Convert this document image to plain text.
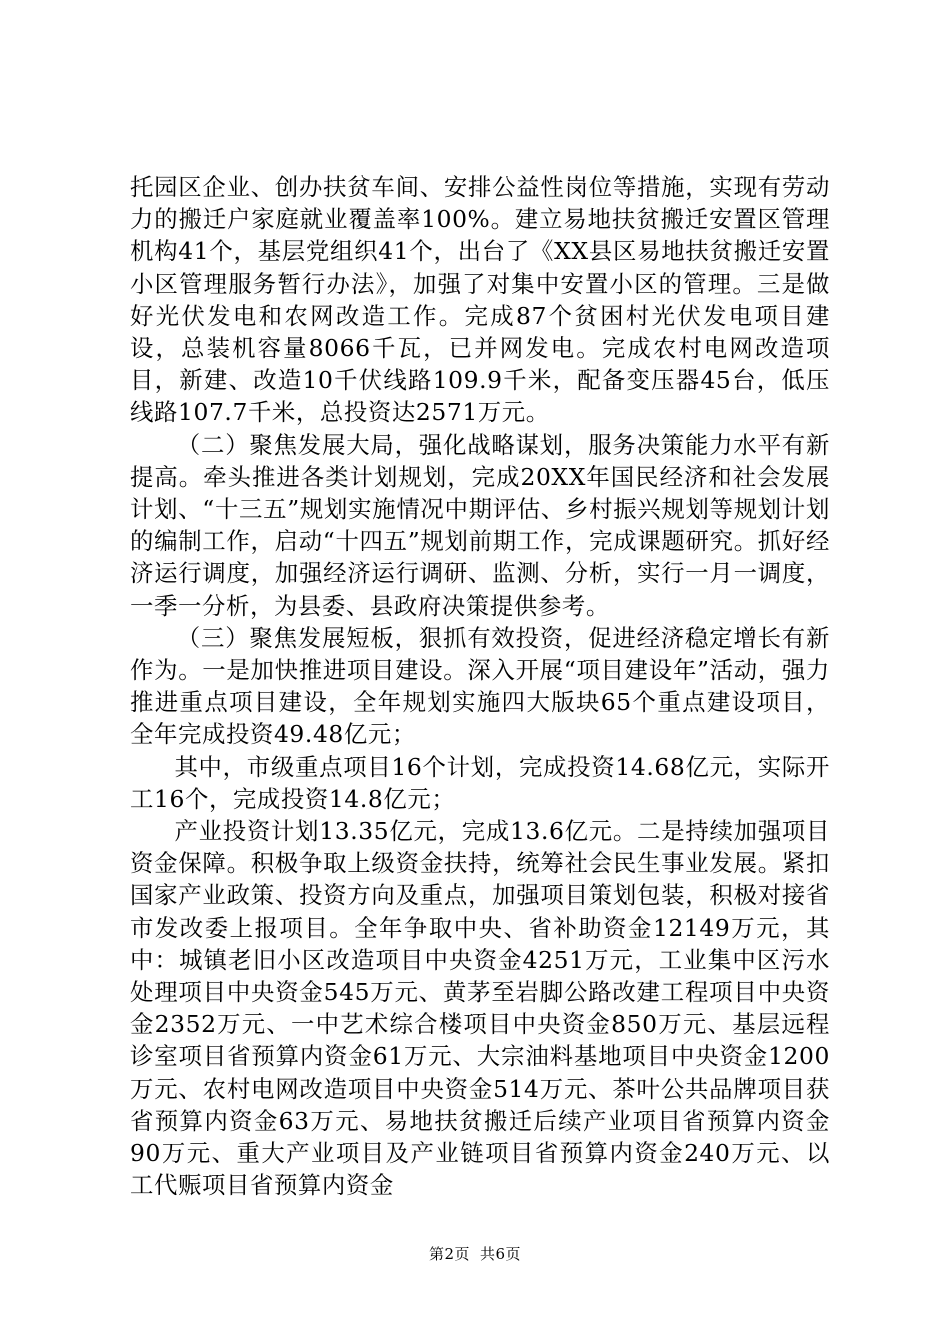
托园区企业、创办扶贫车间、安排公益性岗位等措施，实现有劳动力的搬迁户家庭就业覆盖率100%。建立易地扶贫搬迁安置区管理机构41个，基层党组织41个，出台了《XX县区易地扶贫搬迁安置小区管理服务暂行办法》，加强了对集中安置小区的管理。三是做好光伏发电和农网改造工作。完成87个贫困村光伏发电项目建设，总装机容量8066千瓦，已并网发电。完成农村电网改造项目，新建、改造10千伏线路109.9千米，配备变压器45台，低压线路107.7千米，总投资达2571万元。

（二）聚焦发展大局，强化战略谋划，服务决策能力水平有新提高。牵头推进各类计划规划，完成20XX年国民经济和社会发展计划、“十三五”规划实施情况中期评估、乡村振兴规划等规划计划的编制工作，启动“十四五”规划前期工作，完成课题研究。抓好经济运行调度，加强经济运行调研、监测、分析，实行一月一调度，一季一分析，为县委、县政府决策提供参考。

（三）聚焦发展短板，狠抓有效投资，促进经济稳定增长有新作为。一是加快推进项目建设。深入开展“项目建设年”活动，强力推进重点项目建设，全年规划实施四大版块65个重点建设项目，全年完成投资49.48亿元；

其中，市级重点项目16个计划，完成投资14.68亿元，实际开工16个，完成投资14.8亿元；

产业投资计划13.35亿元，完成13.6亿元。二是持续加强项目资金保障。积极争取上级资金扶持，统筹社会民生事业发展。紧扣国家产业政策、投资方向及重点，加强项目策划包装，积极对接省市发改委上报项目。全年争取中央、省补助资金12149万元，其中：城镇老旧小区改造项目中央资金4251万元，工业集中区污水处理项目中央资金545万元、黄茅至岩脚公路改建工程项目中央资金2352万元、一中艺术综合楼项目中央资金850万元、基层远程诊室项目省预算内资金61万元、大宗油料基地项目中央资金1200万元、农村电网改造项目中央资金514万元、茶叶公共品牌项目获省预算内资金63万元、易地扶贫搬迁后续产业项目省预算内资金90万元、重大产业项目及产业链项目省预算内资金240万元、以工代赈项目省预算内资金

第2页 共6页
